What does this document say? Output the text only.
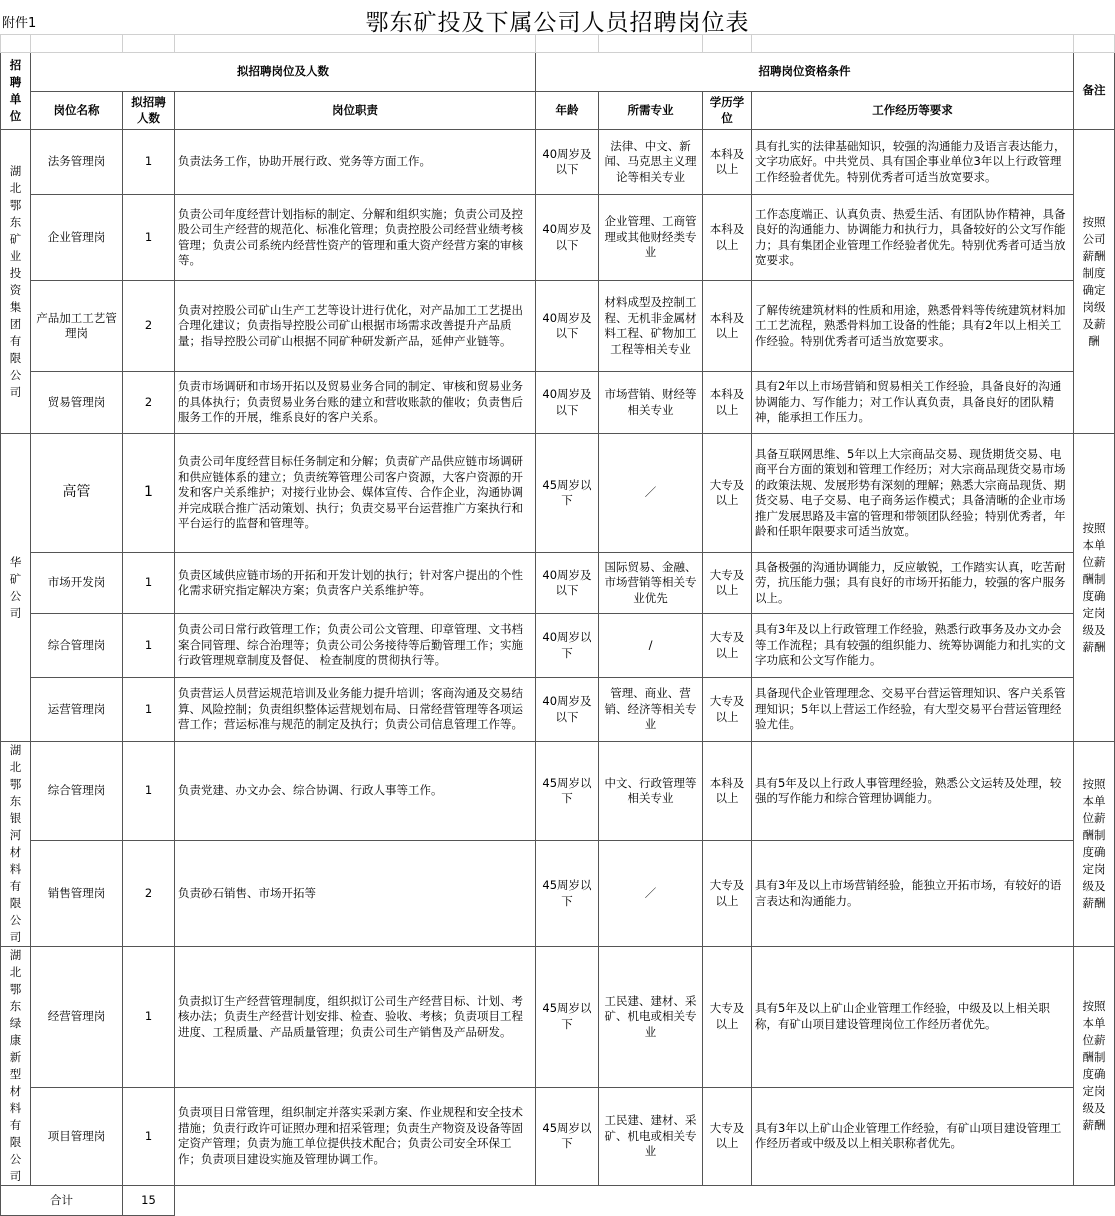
附件1	鄂东矿投及下属公司人员招聘岗位表

招聘单位	拟招聘岗位及人数			招聘岗位资格条件				备注
	岗位名称	拟招聘人数	岗位职责	年龄	所需专业	学历学位	工作经历等要求	
湖北鄂东矿业投资集团有限公司	法务管理岗	1	负责法务工作，协助开展行政、党务等方面工作。	40周岁及以下	法律、中文、新闻、马克思主义理论等相关专业	本科及以上	具有扎实的法律基础知识，较强的沟通能力及语言表达能力，文字功底好。中共党员、具有国企事业单位3年以上行政管理工作经验者优先。特别优秀者可适当放宽要求。	按照公司薪酬制度确定岗级及薪酬
	企业管理岗	1	负责公司年度经营计划指标的制定、分解和组织实施；负责公司及控股公司生产经营的规范化、标准化管理；负责控股公司经营业绩考核管理；负责公司系统内经营性资产的管理和重大资产经营方案的审核等。	40周岁及以下	企业管理、工商管理或其他财经类专业	本科及以上	工作态度端正、认真负责、热爱生活、有团队协作精神，具备良好的沟通能力、协调能力和执行力，具备较好的公文写作能力；具有集团企业管理工作经验者优先。特别优秀者可适当放宽要求。	
	产品加工工艺管理岗	2	负责对控股公司矿山生产工艺等设计进行优化，对产品加工工艺提出合理化建议；负责指导控股公司矿山根据市场需求改善提升产品质量；指导控股公司矿山根据不同矿种研发新产品，延伸产业链等。	40周岁及以下	材料成型及控制工程、无机非金属材料工程、矿物加工工程等相关专业	本科及以上	了解传统建筑材料的性质和用途，熟悉骨料等传统建筑材料加工工艺流程，熟悉骨料加工设备的性能；具有2年以上相关工作经验。特别优秀者可适当放宽要求。	
	贸易管理岗	2	负责市场调研和市场开拓以及贸易业务合同的制定、审核和贸易业务的具体执行；负责贸易业务台账的建立和营收账款的催收；负责售后服务工作的开展，维系良好的客户关系。	40周岁及以下	市场营销、财经等相关专业	本科及以上	具有2年以上市场营销和贸易相关工作经验，具备良好的沟通协调能力、写作能力；对工作认真负责，具备良好的团队精神，能承担工作压力。	
华矿公司	高管	1	负责公司年度经营目标任务制定和分解；负责矿产品供应链市场调研和供应链体系的建立；负责统筹管理公司客户资源，大客户资源的开发和客户关系维护；对接行业协会、媒体宣传、合作企业，沟通协调并完成联合推广活动策划、执行；负责交易平台运营推广方案执行和平台运行的监督和管理等。	45周岁以下	／	大专及以上	具备互联网思维、5年以上大宗商品交易、现货期货交易、电商平台方面的策划和管理工作经历；对大宗商品现货交易市场的政策法规、发展形势有深刻的理解；熟悉大宗商品现货、期货交易、电子交易、电子商务运作模式；具备清晰的企业市场推广发展思路及丰富的管理和带领团队经验；特别优秀者，年龄和任职年限要求可适当放宽。	按照本单位薪酬制度确定岗级及薪酬
	市场开发岗	1	负责区域供应链市场的开拓和开发计划的执行；针对客户提出的个性化需求研究指定解决方案；负责客户关系维护等。	40周岁及以下	国际贸易、金融、市场营销等相关专业优先	大专及以上	具备极强的沟通协调能力，反应敏锐，工作踏实认真，吃苦耐劳，抗压能力强；具有良好的市场开拓能力，较强的客户服务以上。	
	综合管理岗	1	负责公司日常行政管理工作；负责公司公文管理、印章管理、文书档案合同管理、综合治理等；负责公司公务接待等后勤管理工作；实施行政管理规章制度及督促、 检查制度的贯彻执行等。	40周岁以下	/	大专及以上	具有3年及以上行政管理工作经验，熟悉行政事务及办文办会等工作流程；具有较强的组织能力、统筹协调能力和扎实的文字功底和公文写作能力。	
	运营管理岗	1	负责营运人员营运规范培训及业务能力提升培训；客商沟通及交易结算、风险控制；负责组织整体运营规划布局、日常经营管理等各项运营工作；营运标准与规范的制定及执行；负责公司信息管理工作等。	40周岁及以下	管理、商业、营销、经济等相关专业	大专及以上	具备现代企业管理理念、交易平台营运管理知识、客户关系管理知识；5年以上营运工作经验，有大型交易平台营运管理经验尤佳。	
湖北鄂东银河材料有限公司	综合管理岗	1	负责党建、办文办会、综合协调、行政人事等工作。	45周岁以下	中文、行政管理等相关专业	本科及以上	具有5年及以上行政人事管理经验，熟悉公文运转及处理，较强的写作能力和综合管理协调能力。	按照本单位薪酬制度确定岗级及薪酬
	销售管理岗	2	负责砂石销售、市场开拓等	45周岁以下	／	大专及以上	具有3年及以上市场营销经验，能独立开拓市场，有较好的语言表达和沟通能力。	
湖北鄂东绿康新型材料有限公司	经营管理岗	1	负责拟订生产经营管理制度，组织拟订公司生产经营目标、计划、考核办法；负责生产经营计划安排、检查、验收、考核；负责项目工程进度、工程质量、产品质量管理；负责公司生产销售及产品研发。	45周岁以下	工民建、建材、采矿、机电或相关专业	大专及以上	具有5年及以上矿山企业管理工作经验，中级及以上相关职称，有矿山项目建设管理岗位工作经历者优先。	按照本单位薪酬制度确定岗级及薪酬
	项目管理岗	1	负责项目日常管理，组织制定并落实采剥方案、作业规程和安全技术措施；负责行政许可证照办理和招采管理；负责生产物资及设备等固定资产管理；负责为施工单位提供技术配合；负责公司安全环保工作；负责项目建设实施及管理协调工作。	45周岁以下	工民建、建材、采矿、机电或相关专业	大专及以上	具有3年以上矿山企业管理工作经验，有矿山项目建设管理工作经历者或中级及以上相关职称者优先。	
合计		15						
